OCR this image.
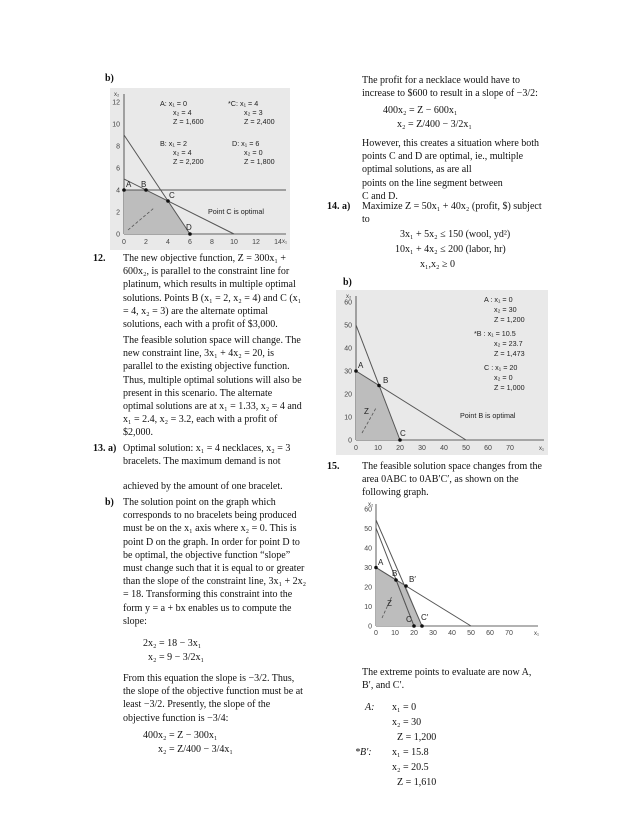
b)
0
2
4
6
8
10
12
x₂
0	2	4	6	8 10 12 14 x₁
A B
C
D
A: x₁ = 0
x₂ = 4
Z = 1,600
*C: x₁ = 4
x₂ = 3
Z = 2,400
B: x₁ = 2
x₂ = 4
Z = 2,200
D: x₁ = 6
x₂ = 0
Z = 1,800
Point C is optimal
12. The new objective function, Z = 300x₁ +
600x₂, is parallel to the constraint line for
platinum, which results in multiple optimal
solutions. Points B (x₁ = 2, x₂ = 4) and C (x₁
= 4, x₂ = 3) are the alternate optimal
solutions, each with a profit of $3,000.
The feasible solution space will change. The
new constraint line, 3x₁ + 4x₂ = 20, is
parallel to the existing objective function.
Thus, multiple optimal solutions will also be
present in this scenario. The alternate
optimal solutions are at x₁ = 1.33, x₂ = 4 and
x₁ = 2.4, x₂ = 3.2, each with a profit of
$2,000.
13. a) Optimal solution: x₁ = 4 necklaces, x₂ = 3
bracelets. The maximum demand is not
achieved by the amount of one bracelet.
b) The solution point on the graph which
corresponds to no bracelets being produced
must be on the x₁ axis where x₂ = 0. This is
point D on the graph. In order for point D to
be optimal, the objective function “slope”
must change such that it is equal to or greater
than the slope of the constraint line, 3x₁ + 2x₂
= 18. Transforming this constraint into the
form y = a + bx enables us to compute the
slope:
2x₂ = 18 − 3x₁
x₂ = 9 − 3/2x₁
From this equation the slope is −3/2. Thus,
the slope of the objective function must be at
least −3/2. Presently, the slope of the
objective function is −3/4:
400x₂ = Z − 300x₁
x₂ = Z/400 − 3/4x₁
The profit for a necklace would have to
increase to $600 to result in a slope of −3/2:
400x₂ = Z − 600x₁
x₂ = Z/400 − 3/2x₁
However, this creates a situation where both
points C and D are optimal, ie., multiple
optimal solutions, as are all
points on the line segment between
C and D.
14. a) Maximize Z = 50x₁ + 40x₂ (profit, $) subject
to
3x₁ + 5x₂ ≤ 150 (wool, yd²)
10x₁ + 4x₂ ≤ 200 (labor, hr)
x₁,x₂ ≥ 0
b)
0
10
20
30
40
50
60
x₂
0 10 20 30 40 50 60 70	x₁
A
B
C
Z
A : x₁ = 0
x₂ = 30
Z = 1,200
*B : x₁ = 10.5
x₂ = 23.7
Z = 1,473
C : x₁ = 20
x₂ = 0
Z = 1,000
Point B is optimal
15. The feasible solution space changes from the
area 0ABC to 0AB′C′, as shown on the
following graph.
0
10
20
30
40
50
60
x₂
0 10 20 30 40 50 60 70	x₁
A
B
B′
C C′
Z
The extreme points to evaluate are now A,
B′, and C′.
A: x₁ = 0
x₂ = 30
Z = 1,200
*B′: x₁ = 15.8
x₂ = 20.5
Z = 1,610
